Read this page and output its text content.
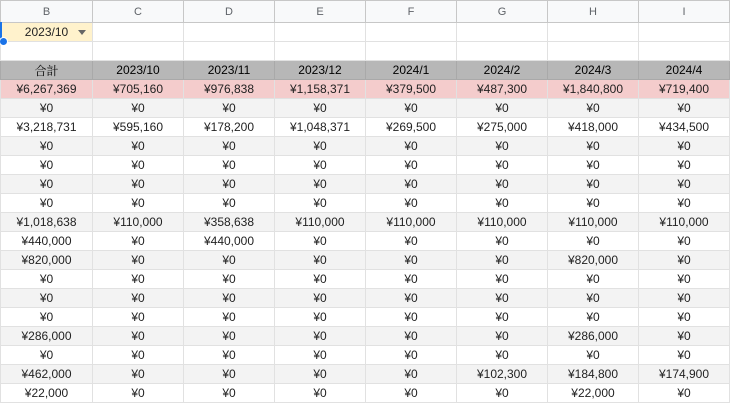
B	C	D	E	F	G	H	I
2023/10

合計	2023/10	2023/11	2023/12	2024/1	2024/2	2024/3	2024/4
¥6,267,369	¥705,160	¥976,838	¥1,158,371	¥379,500	¥487,300	¥1,840,800	¥719,400
¥0	¥0	¥0	¥0	¥0	¥0	¥0	¥0
¥3,218,731	¥595,160	¥178,200	¥1,048,371	¥269,500	¥275,000	¥418,000	¥434,500
¥0	¥0	¥0	¥0	¥0	¥0	¥0	¥0
¥0	¥0	¥0	¥0	¥0	¥0	¥0	¥0
¥0	¥0	¥0	¥0	¥0	¥0	¥0	¥0
¥0	¥0	¥0	¥0	¥0	¥0	¥0	¥0
¥1,018,638	¥110,000	¥358,638	¥110,000	¥110,000	¥110,000	¥110,000	¥110,000
¥440,000	¥0	¥440,000	¥0	¥0	¥0	¥0	¥0
¥820,000	¥0	¥0	¥0	¥0	¥0	¥820,000	¥0
¥0	¥0	¥0	¥0	¥0	¥0	¥0	¥0
¥0	¥0	¥0	¥0	¥0	¥0	¥0	¥0
¥0	¥0	¥0	¥0	¥0	¥0	¥0	¥0
¥286,000	¥0	¥0	¥0	¥0	¥0	¥286,000	¥0
¥0	¥0	¥0	¥0	¥0	¥0	¥0	¥0
¥462,000	¥0	¥0	¥0	¥0	¥102,300	¥184,800	¥174,900
¥22,000	¥0	¥0	¥0	¥0	¥0	¥22,000	¥0
